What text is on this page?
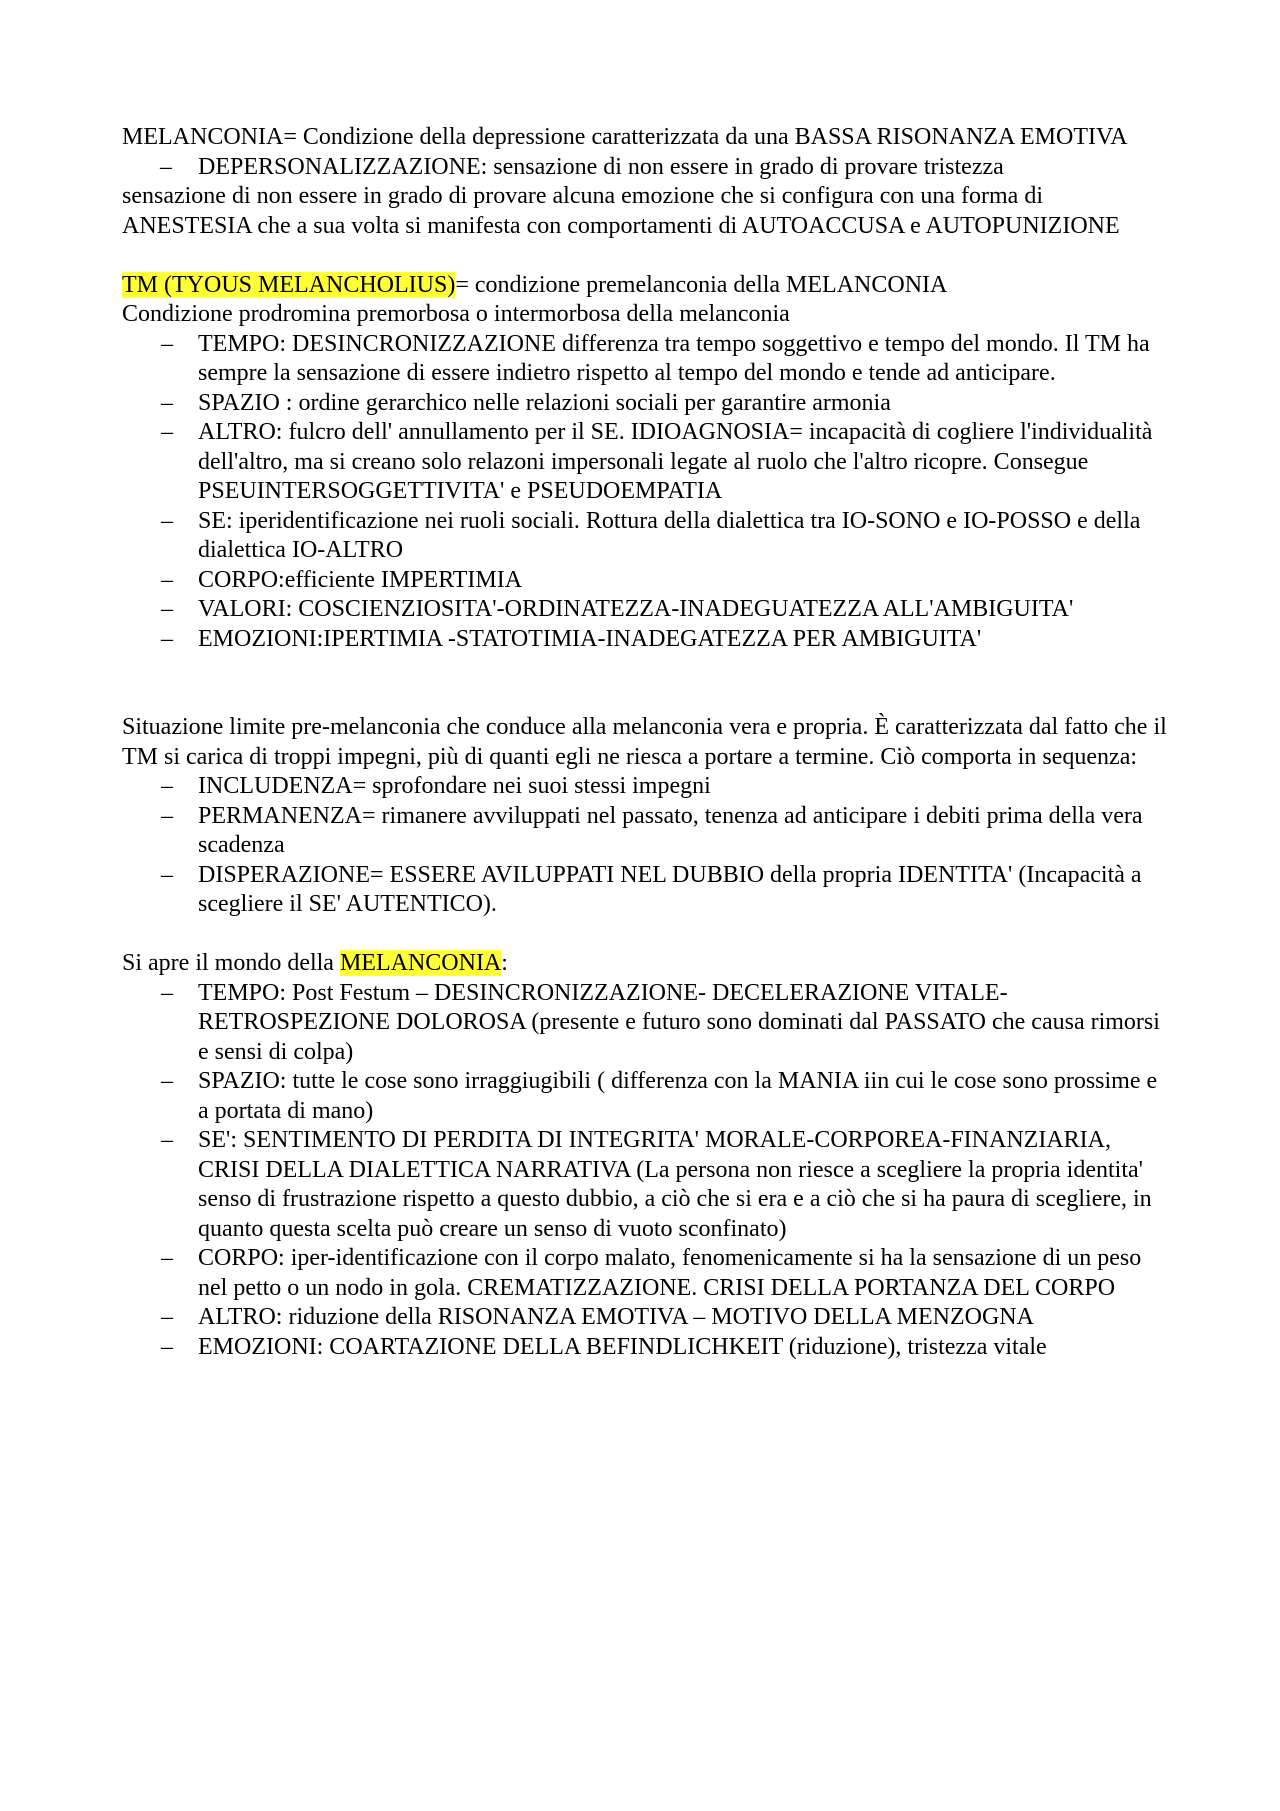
MELANCONIA= Condizione della depressione caratterizzata da una BASSA RISONANZA EMOTIVA

– DEPERSONALIZZAZIONE: sensazione di non essere in grado di provare tristezza

sensazione di non essere in grado di provare alcuna emozione che si configura con una forma di ANESTESIA che a sua volta si manifesta con comportamenti di AUTOACCUSA e AUTOPUNIZIONE

TM (TYOUS MELANCHOLIUS)= condizione premelanconia della MELANCONIA

Condizione prodromina premorbosa o intermorbosa della melanconia

– TEMPO: DESINCRONIZZAZIONE differenza tra tempo soggettivo e tempo del mondo. Il TM ha sempre la sensazione di essere indietro rispetto al tempo del mondo e tende ad anticipare.
– SPAZIO : ordine gerarchico nelle relazioni sociali per garantire armonia
– ALTRO: fulcro dell' annullamento per il SE. IDIOAGNOSIA= incapacità di cogliere l'individualità dell'altro, ma si creano solo relazoni impersonali legate al ruolo che l'altro ricopre. Consegue PSEUINTERSOGGETTIVITA' e PSEUDOEMPATIA
– SE: iperidentificazione nei ruoli sociali. Rottura della dialettica tra IO-SONO e IO-POSSO e della dialettica IO-ALTRO
– CORPO:efficiente IMPERTIMIA
– VALORI: COSCIENZIOSITA'-ORDINATEZZA-INADEGUATEZZA ALL'AMBIGUITA'
– EMOZIONI:IPERTIMIA -STATOTIMIA-INADEGATEZZA PER AMBIGUITA'

Situazione limite pre-melanconia che conduce alla melanconia vera e propria. È caratterizzata dal fatto che il TM si carica di troppi impegni, più di quanti egli ne riesca a portare a termine. Ciò comporta in sequenza:

– INCLUDENZA= sprofondare nei suoi stessi impegni
– PERMANENZA= rimanere avviluppati nel passato, tenenza ad anticipare i debiti prima della vera scadenza
– DISPERAZIONE= ESSERE AVILUPPATI NEL DUBBIO della propria IDENTITA' (Incapacità a scegliere il SE' AUTENTICO).

Si apre il mondo della MELANCONIA:

– TEMPO: Post Festum – DESINCRONIZZAZIONE- DECELERAZIONE VITALE-RETROSPEZIONE DOLOROSA (presente e futuro sono dominati dal PASSATO che causa rimorsi e sensi di colpa)
– SPAZIO: tutte le cose sono irraggiugibili ( differenza con la MANIA iin cui le cose sono prossime e a portata di mano)
– SE': SENTIMENTO DI PERDITA DI INTEGRITA' MORALE-CORPOREA-FINANZIARIA, CRISI DELLA DIALETTICA NARRATIVA (La persona non riesce a scegliere la propria identita' senso di frustrazione rispetto a questo dubbio, a ciò che si era e a ciò che si ha paura di scegliere, in quanto questa scelta può creare un senso di vuoto sconfinato)
– CORPO: iper-identificazione con il corpo malato, fenomenicamente si ha la sensazione di un peso nel petto o un nodo in gola. CREMATIZZAZIONE. CRISI DELLA PORTANZA DEL CORPO
– ALTRO: riduzione della RISONANZA EMOTIVA – MOTIVO DELLA MENZOGNA
– EMOZIONI: COARTAZIONE DELLA BEFINDLICHKEIT (riduzione), tristezza vitale
